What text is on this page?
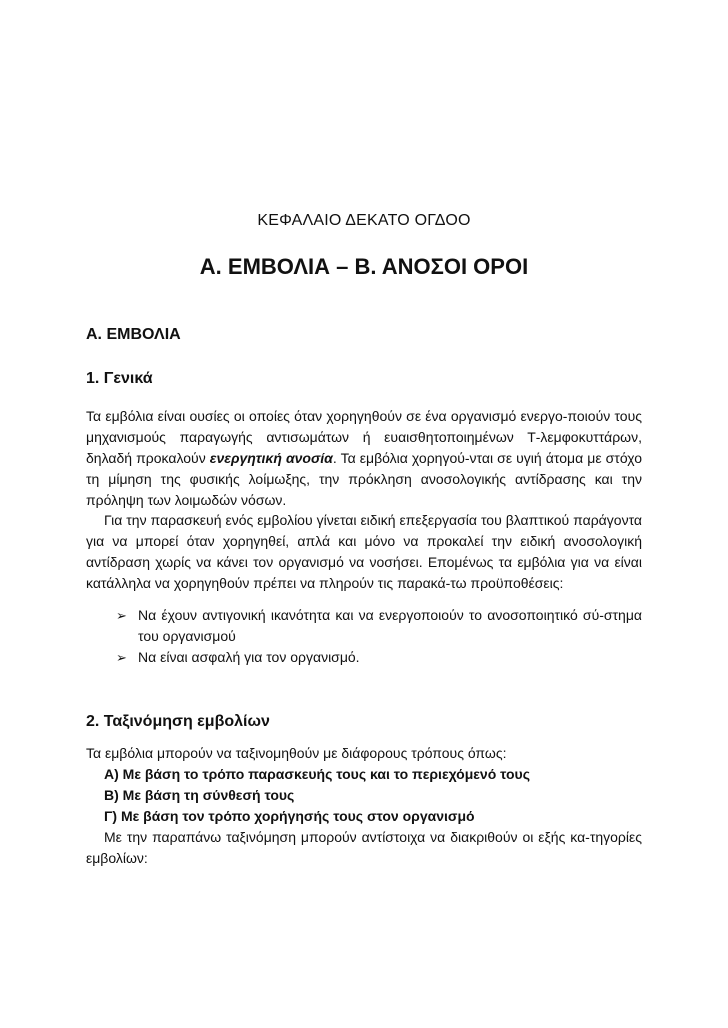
ΚΕΦΑΛΑΙΟ ΔΕΚΑΤΟ ΟΓΔΟΟ
Α. ΕΜΒΟΛΙΑ – Β. ΑΝΟΣΟΙ ΟΡΟΙ
Α. ΕΜΒΟΛΙΑ
1. Γενικά
Τα εμβόλια είναι ουσίες οι οποίες όταν χορηγηθούν σε ένα οργανισμό ενεργο-ποιούν τους μηχανισμούς παραγωγής αντισωμάτων ή ευαισθητοποιημένων Τ-λεμφοκυττάρων, δηλαδή προκαλούν ενεργητική ανοσία. Τα εμβόλια χορηγού-νται σε υγιή άτομα με στόχο τη μίμηση της φυσικής λοίμωξης, την πρόκληση ανοσολογικής αντίδρασης και την πρόληψη των λοιμωδών νόσων.
Για την παρασκευή ενός εμβολίου γίνεται ειδική επεξεργασία του βλαπτικού παράγοντα για να μπορεί όταν χορηγηθεί, απλά και μόνο να προκαλεί την ειδική ανοσολογική αντίδραση χωρίς να κάνει τον οργανισμό να νοσήσει. Επομένως τα εμβόλια για να είναι κατάλληλα να χορηγηθούν πρέπει να πληρούν τις παρακά-τω προϋποθέσεις:
➢ Να έχουν αντιγονική ικανότητα και να ενεργοποιούν το ανοσοποιητικό σύ-στημα του οργανισμού
➢ Να είναι ασφαλή για τον οργανισμό.
2. Ταξινόμηση εμβολίων
Τα εμβόλια μπορούν να ταξινομηθούν με διάφορους τρόπους όπως:
Α) Με βάση το τρόπο παρασκευής τους και το περιεχόμενό τους
Β) Με βάση τη σύνθεσή τους
Γ) Με βάση τον τρόπο χορήγησής τους στον οργανισμό
Με την παραπάνω ταξινόμηση μπορούν αντίστοιχα να διακριθούν οι εξής κα-τηγορίες εμβολίων:
